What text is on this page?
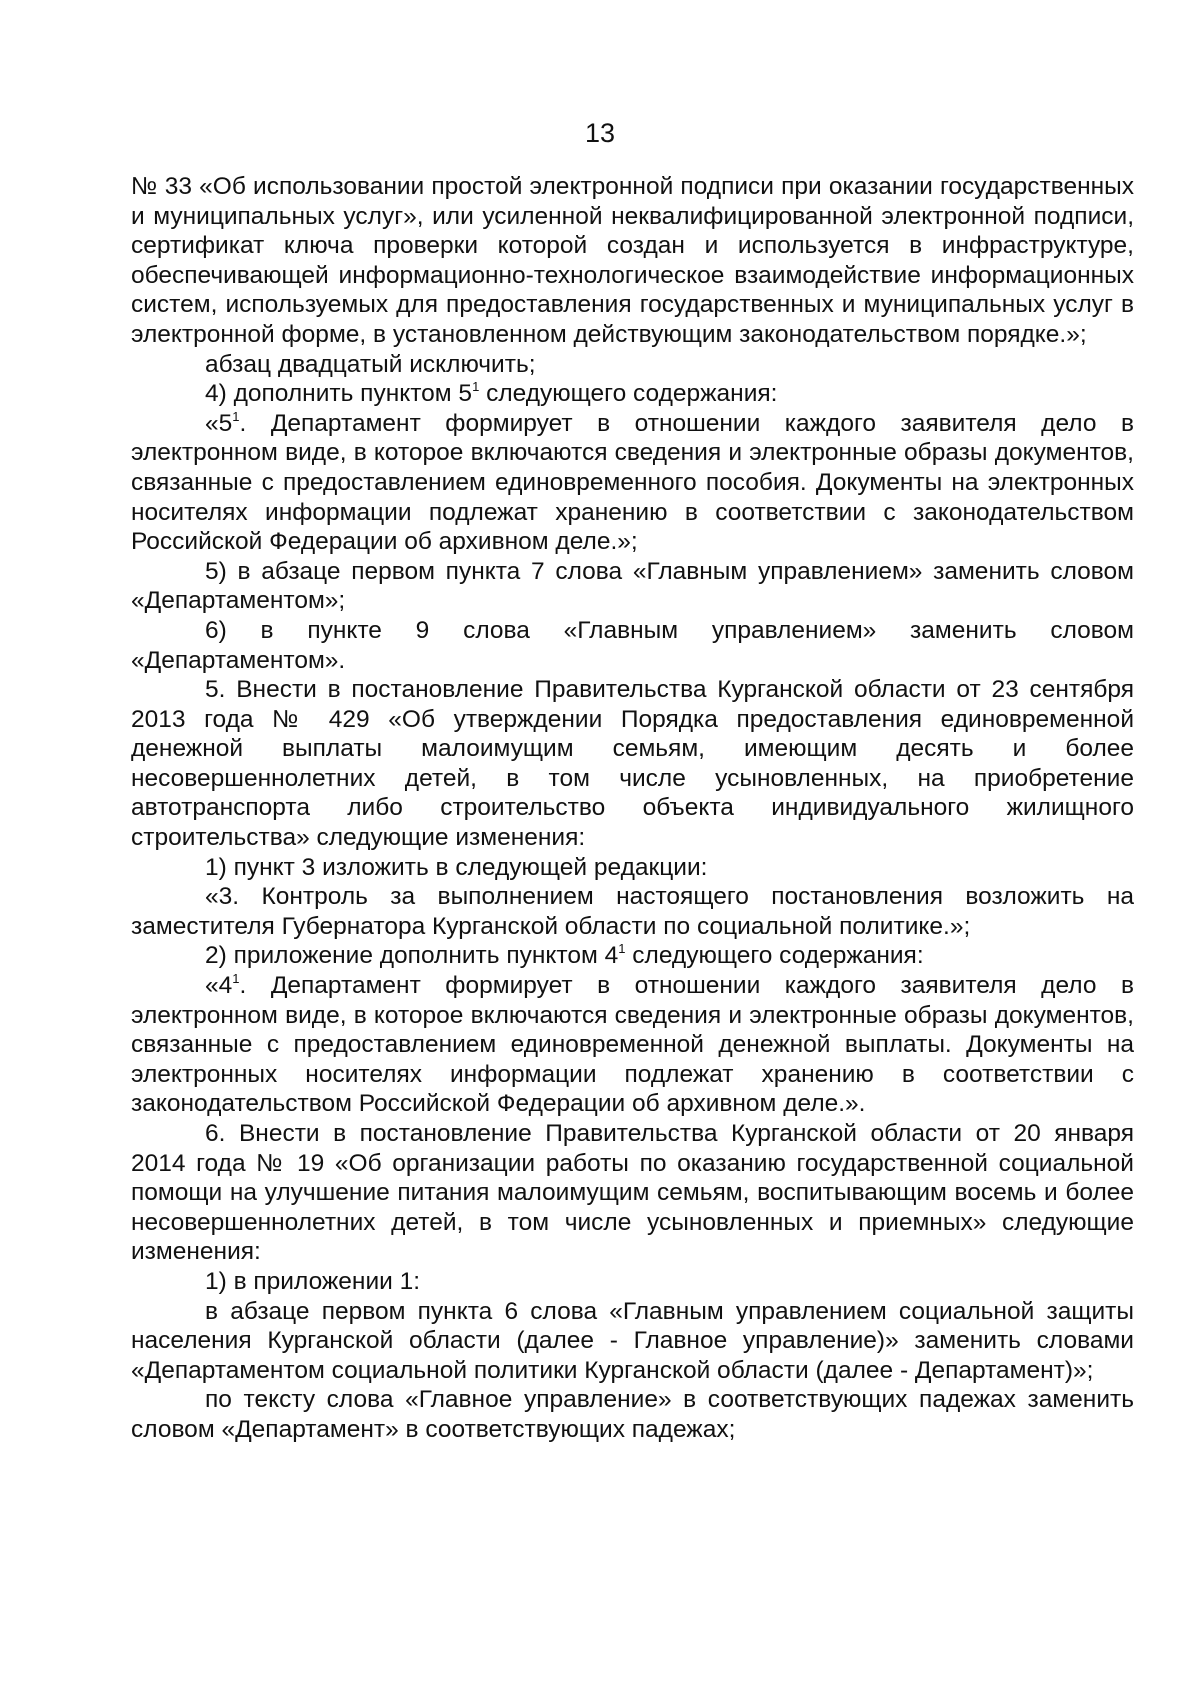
13

№ 33 «Об использовании простой электронной подписи при оказании государственных и муниципальных услуг», или усиленной неквалифицированной электронной подписи, сертификат ключа проверки которой создан и используется в инфраструктуре, обеспечивающей информационно-технологическое взаимодействие информационных систем, используемых для предоставления государственных и муниципальных услуг в электронной форме, в установленном действующим законодательством порядке.»;

абзац двадцатый исключить;

4) дополнить пунктом $5^1$ следующего содержания:

«$5^1$. Департамент формирует в отношении каждого заявителя дело в электронном виде, в которое включаются сведения и электронные образы документов, связанные с предоставлением единовременного пособия. Документы на электронных носителях информации подлежат хранению в соответствии с законодательством Российской Федерации об архивном деле.»;

5) в абзаце первом пункта 7 слова «Главным управлением» заменить словом «Департаментом»;

6) в пункте 9 слова «Главным управлением» заменить словом «Департаментом».

5. Внести в постановление Правительства Курганской области от 23 сентября 2013 года № 429 «Об утверждении Порядка предоставления единовременной денежной выплаты малоимущим семьям, имеющим десять и более несовершеннолетних детей, в том числе усыновленных, на приобретение автотранспорта либо строительство объекта индивидуального жилищного строительства» следующие изменения:

1) пункт 3 изложить в следующей редакции:

«3. Контроль за выполнением настоящего постановления возложить на заместителя Губернатора Курганской области по социальной политике.»;

2) приложение дополнить пунктом $4^1$ следующего содержания:

«$4^1$. Департамент формирует в отношении каждого заявителя дело в электронном виде, в которое включаются сведения и электронные образы документов, связанные с предоставлением единовременной денежной выплаты. Документы на электронных носителях информации подлежат хранению в соответствии с законодательством Российской Федерации об архивном деле.».

6. Внести в постановление Правительства Курганской области от 20 января 2014 года № 19 «Об организации работы по оказанию государственной социальной помощи на улучшение питания малоимущим семьям, воспитывающим восемь и более несовершеннолетних детей, в том числе усыновленных и приемных» следующие изменения:

1) в приложении 1:

в абзаце первом пункта 6 слова «Главным управлением социальной защиты населения Курганской области (далее - Главное управление)» заменить словами «Департаментом социальной политики Курганской области (далее - Департамент)»;

по тексту слова «Главное управление» в соответствующих падежах заменить словом «Департамент» в соответствующих падежах;
